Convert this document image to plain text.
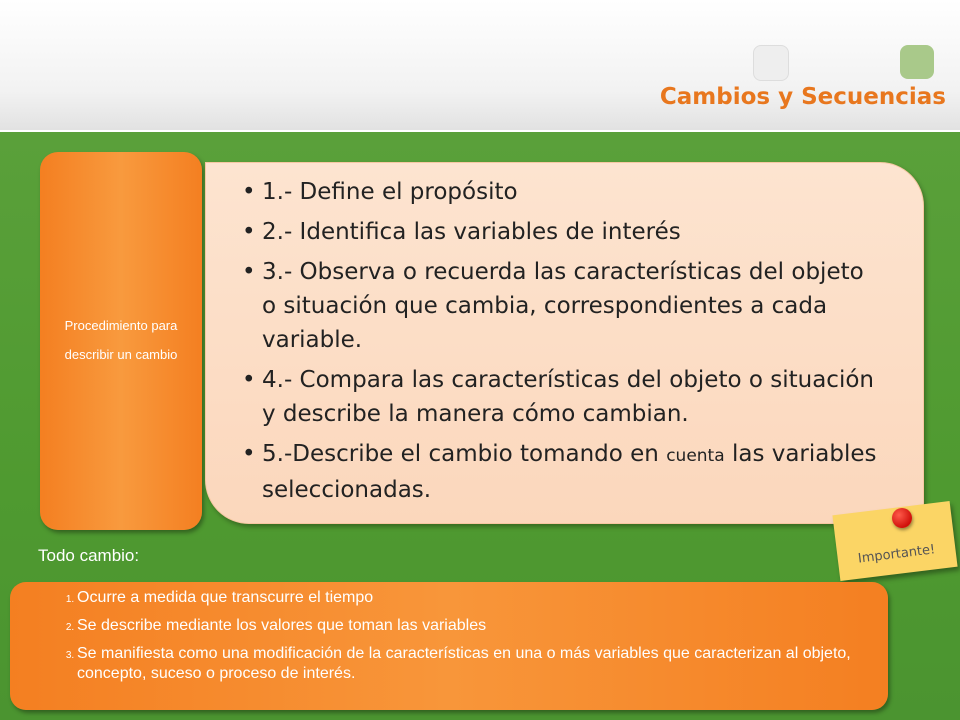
Cambios y Secuencias
Procedimiento para describir un cambio
• 1.- Define el propósito
• 2.- Identifica las variables de interés
• 3.- Observa o recuerda las características del objeto o situación que cambia, correspondientes a cada variable.
• 4.- Compara las características del objeto o situación y describe la manera cómo cambian.
• 5.-Describe el cambio tomando en cuenta las variables seleccionadas.
Importante!
Todo cambio:
1. Ocurre a medida que transcurre el tiempo
2. Se describe mediante los valores que toman las variables
3. Se manifiesta como una modificación de la características en una o más variables que caracterizan al objeto, concepto, suceso o proceso de interés.
